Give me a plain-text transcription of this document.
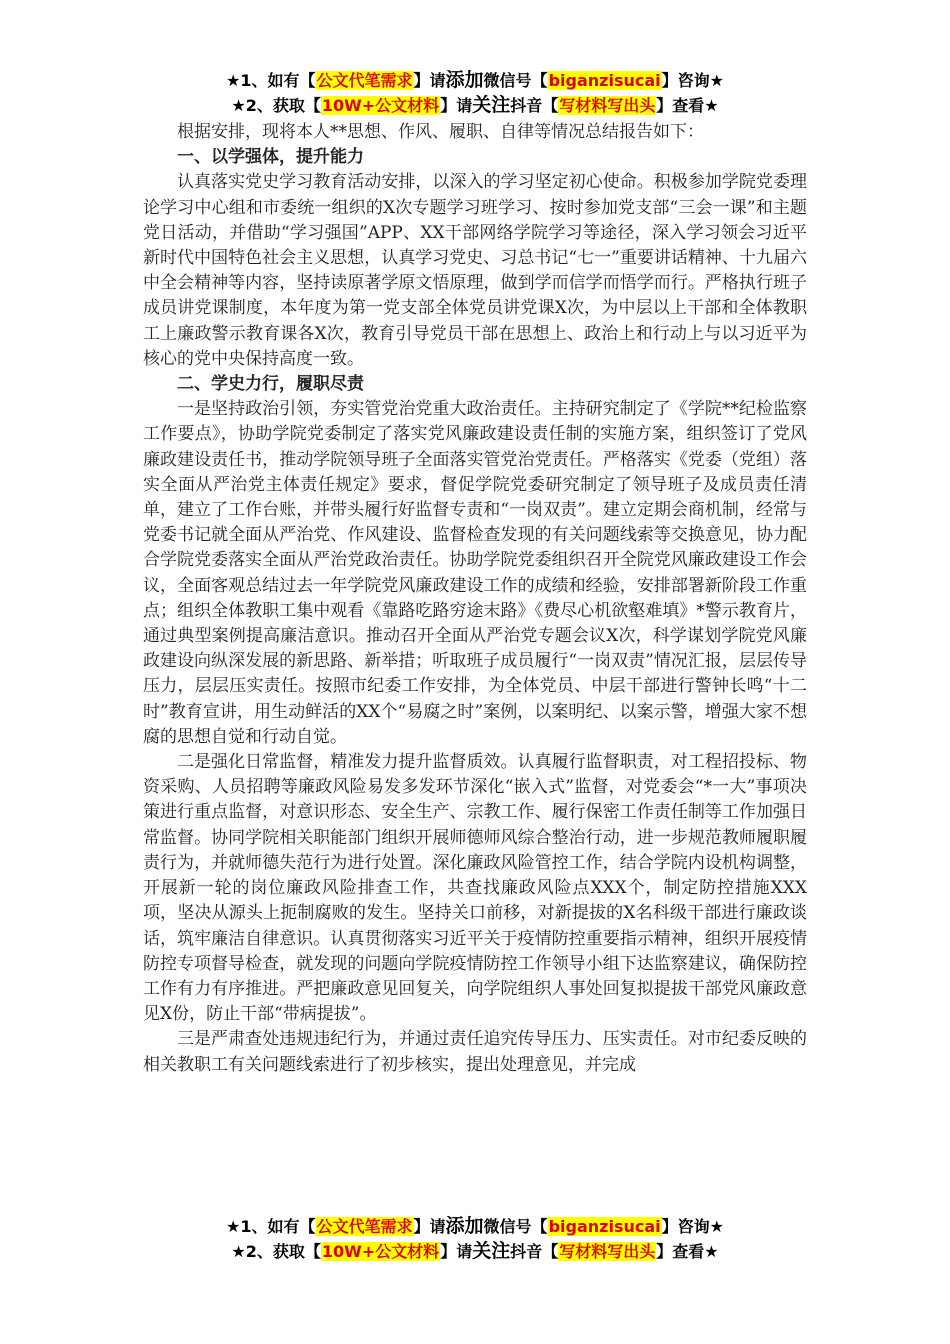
★1、如有【公文代笔需求】请添加微信号【biganzisucai】咨询★
★2、获取【10W+公文材料】请关注抖音【写材料写出头】查看★

根据安排，现将本人**思想、作风、履职、自律等情况总结报告如下：

一、以学强体，提升能力

认真落实党史学习教育活动安排，以深入的学习坚定初心使命。积极参加学院党委理论学习中心组和市委统一组织的X次专题学习班学习、按时参加党支部“三会一课”和主题党日活动，并借助“学习强国”APP、XX干部网络学院学习等途径，深入学习领会习近平新时代中国特色社会主义思想，认真学习党史、习总书记“七一”重要讲话精神、十九届六中全会精神等内容，坚持读原著学原文悟原理，做到学而信学而悟学而行。严格执行班子成员讲党课制度，本年度为第一党支部全体党员讲党课X次，为中层以上干部和全体教职工上廉政警示教育课各X次，教育引导党员干部在思想上、政治上和行动上与以习近平为核心的党中央保持高度一致。

二、学史力行，履职尽责

一是坚持政治引领，夯实管党治党重大政治责任。主持研究制定了《学院**纪检监察工作要点》，协助学院党委制定了落实党风廉政建设责任制的实施方案，组织签订了党风廉政建设责任书，推动学院领导班子全面落实管党治党责任。严格落实《党委（党组）落实全面从严治党主体责任规定》要求，督促学院党委研究制定了领导班子及成员责任清单，建立了工作台账，并带头履行好监督专责和“一岗双责”。建立定期会商机制，经常与党委书记就全面从严治党、作风建设、监督检查发现的有关问题线索等交换意见，协力配合学院党委落实全面从严治党政治责任。协助学院党委组织召开全院党风廉政建设工作会议，全面客观总结过去一年学院党风廉政建设工作的成绩和经验，安排部署新阶段工作重点；组织全体教职工集中观看《靠路吃路穷途末路》《费尽心机欲壑难填》*警示教育片，通过典型案例提高廉洁意识。推动召开全面从严治党专题会议X次，科学谋划学院党风廉政建设向纵深发展的新思路、新举措；听取班子成员履行“一岗双责”情况汇报，层层传导压力，层层压实责任。按照市纪委工作安排，为全体党员、中层干部进行警钟长鸣“十二时”教育宣讲，用生动鲜活的XX个“易腐之时”案例，以案明纪、以案示警，增强大家不想腐的思想自觉和行动自觉。

二是强化日常监督，精准发力提升监督质效。认真履行监督职责，对工程招投标、物资采购、人员招聘等廉政风险易发多发环节深化“嵌入式”监督，对党委会“*一大”事项决策进行重点监督，对意识形态、安全生产、宗教工作、履行保密工作责任制等工作加强日常监督。协同学院相关职能部门组织开展师德师风综合整治行动，进一步规范教师履职履责行为，并就师德失范行为进行处置。深化廉政风险管控工作，结合学院内设机构调整，开展新一轮的岗位廉政风险排查工作，共查找廉政风险点XXX个，制定防控措施XXX项，坚决从源头上扼制腐败的发生。坚持关口前移，对新提拔的X名科级干部进行廉政谈话，筑牢廉洁自律意识。认真贯彻落实习近平关于疫情防控重要指示精神，组织开展疫情防控专项督导检查，就发现的问题向学院疫情防控工作领导小组下达监察建议，确保防控工作有力有序推进。严把廉政意见回复关，向学院组织人事处回复拟提拔干部党风廉政意见X份，防止干部“带病提拔”。

三是严肃查处违规违纪行为，并通过责任追究传导压力、压实责任。对市纪委反映的相关教职工有关问题线索进行了初步核实，提出处理意见，并完成

★1、如有【公文代笔需求】请添加微信号【biganzisucai】咨询★
★2、获取【10W+公文材料】请关注抖音【写材料写出头】查看★
